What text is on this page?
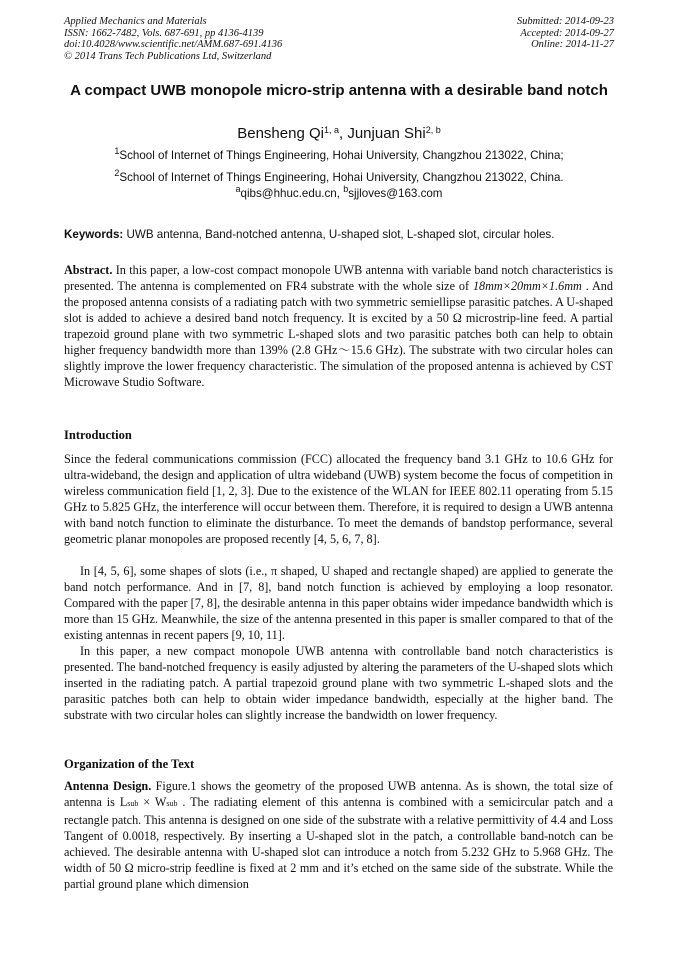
Applied Mechanics and Materials
ISSN: 1662-7482, Vols. 687-691, pp 4136-4139
doi:10.4028/www.scientific.net/AMM.687-691.4136
© 2014 Trans Tech Publications Ltd, Switzerland
Submitted: 2014-09-23
Accepted: 2014-09-27
Online: 2014-11-27
A compact UWB monopole micro-strip antenna with a desirable band notch
Bensheng Qi$^{1, a}$, Junjuan Shi$^{2, b}$
$^1$School of Internet of Things Engineering, Hohai University, Changzhou 213022, China;
$^2$School of Internet of Things Engineering, Hohai University, Changzhou 213022, China.
$^a$qibs@hhuc.edu.cn, $^b$sjjloves@163.com
Keywords: UWB antenna, Band-notched antenna, U-shaped slot, L-shaped slot, circular holes.
Abstract. In this paper, a low-cost compact monopole UWB antenna with variable band notch characteristics is presented. The antenna is complemented on FR4 substrate with the whole size of 18mm×20mm×1.6mm . And the proposed antenna consists of a radiating patch with two symmetric semiellipse parasitic patches. A U-shaped slot is added to achieve a desired band notch frequency. It is excited by a 50 Ω microstrip-line feed. A partial trapezoid ground plane with two symmetric L-shaped slots and two parasitic patches both can help to obtain higher frequency bandwidth more than 139% (2.8 GHz～15.6 GHz). The substrate with two circular holes can slightly improve the lower frequency characteristic. The simulation of the proposed antenna is achieved by CST Microwave Studio Software.
Introduction
Since the federal communications commission (FCC) allocated the frequency band 3.1 GHz to 10.6 GHz for ultra-wideband, the design and application of ultra wideband (UWB) system become the focus of competition in wireless communication field [1, 2, 3]. Due to the existence of the WLAN for IEEE 802.11 operating from 5.15 GHz to 5.825 GHz, the interference will occur between them. Therefore, it is required to design a UWB antenna with band notch function to eliminate the disturbance. To meet the demands of bandstop performance, several geometric planar monopoles are proposed recently [4, 5, 6, 7, 8].
In [4, 5, 6], some shapes of slots (i.e., π shaped, U shaped and rectangle shaped) are applied to generate the band notch performance. And in [7, 8], band notch function is achieved by employing a loop resonator. Compared with the paper [7, 8], the desirable antenna in this paper obtains wider impedance bandwidth which is more than 15 GHz. Meanwhile, the size of the antenna presented in this paper is smaller compared to that of the existing antennas in recent papers [9, 10, 11].
In this paper, a new compact monopole UWB antenna with controllable band notch characteristics is presented. The band-notched frequency is easily adjusted by altering the parameters of the U-shaped slots which inserted in the radiating patch. A partial trapezoid ground plane with two symmetric L-shaped slots and the parasitic patches both can help to obtain wider impedance bandwidth, especially at the higher band. The substrate with two circular holes can slightly increase the bandwidth on lower frequency.
Organization of the Text
Antenna Design. Figure.1 shows the geometry of the proposed UWB antenna. As is shown, the total size of antenna is Lsub × Wsub . The radiating element of this antenna is combined with a semicircular patch and a rectangle patch. This antenna is designed on one side of the substrate with a relative permittivity of 4.4 and Loss Tangent of 0.0018, respectively. By inserting a U-shaped slot in the patch, a controllable band-notch can be achieved. The desirable antenna with U-shaped slot can introduce a notch from 5.232 GHz to 5.968 GHz. The width of 50 Ω micro-strip feedline is fixed at 2 mm and it’s etched on the same side of the substrate. While the partial ground plane which dimension
